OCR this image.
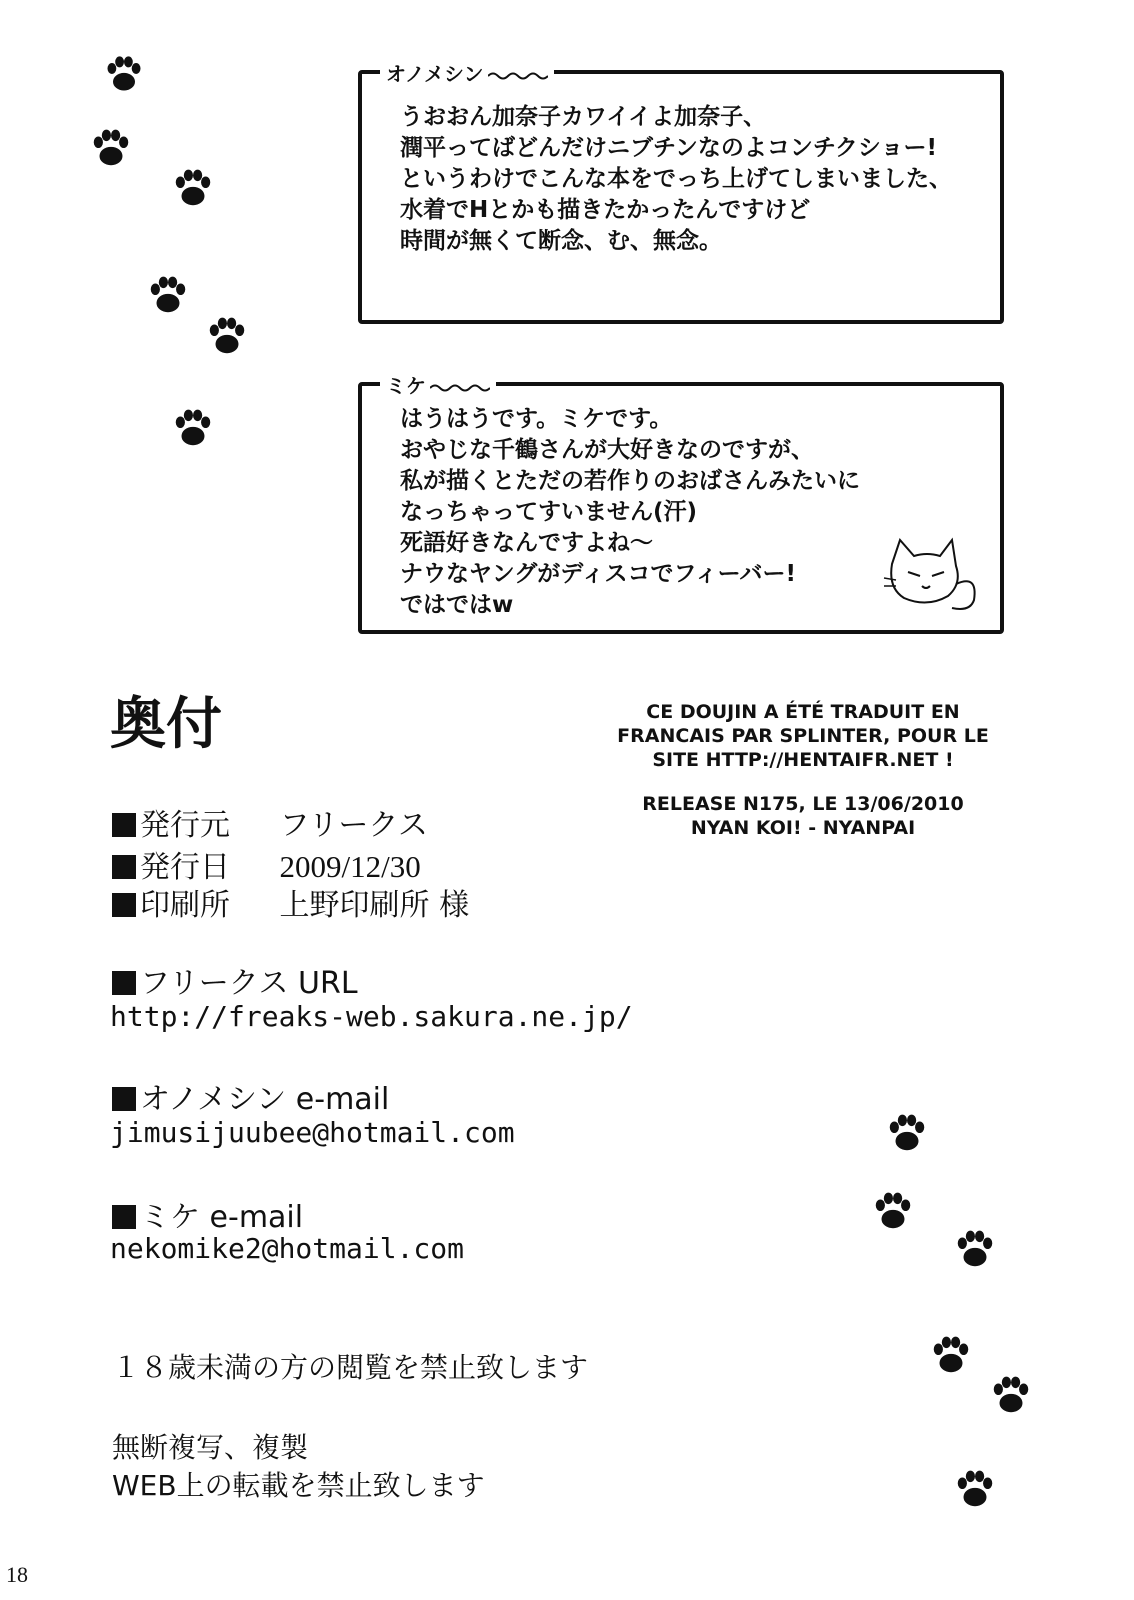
オノメシン
うおおん加奈子カワイイよ加奈子、
潤平ってばどんだけニブチンなのよコンチクショー!
というわけでこんな本をでっち上げてしまいました、
水着でHとかも描きたかったんですけど
時間が無くて断念、む、無念。
ミケ
はうはうです。ミケです。
おやじな千鶴さんが大好きなのですが、
私が描くとただの若作りのおばさんみたいに
なっちゃってすいません(汗)
死語好きなんですよね〜
ナウなヤングがディスコでフィーバー!
ではではw
奥付	CE DOUJIN A ÉTÉ TRADUIT EN FRANCAIS PAR SPLINTER, POUR LE SITE HTTP://HENTAIFR.NET !
RELEASE N175, LE 13/06/2010
NYAN KOI! - NYANPAI
発行元 フリークス
発行日 2009/12/30
印刷所 上野印刷所 様
フリークス URL
http://freaks-web.sakura.ne.jp/
オノメシン e-mail
jimusijuubee@hotmail.com
ミケ e-mail
nekomike2@hotmail.com
１８歳未満の方の閲覧を禁止致します
無断複写、複製
WEB上の転載を禁止致します
18
